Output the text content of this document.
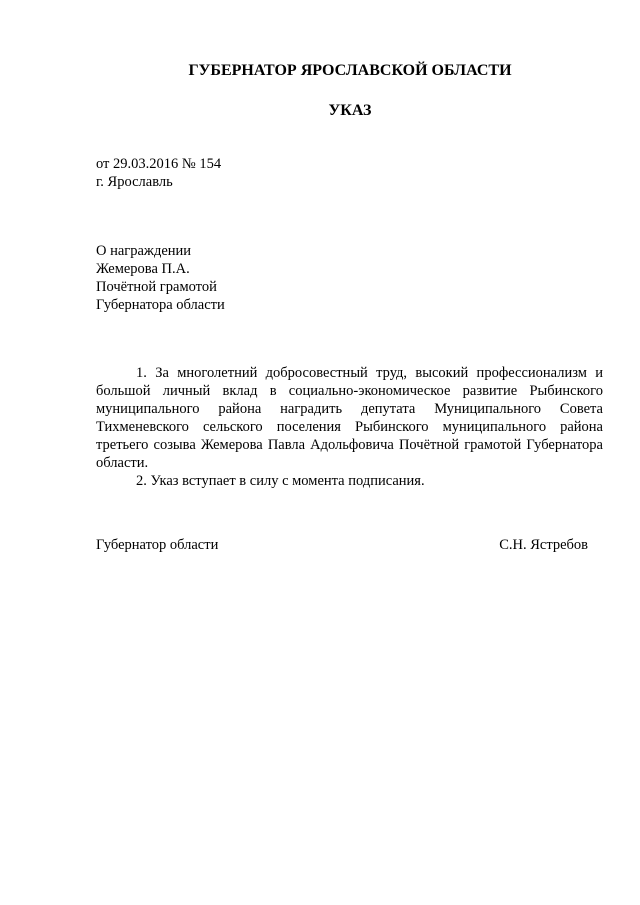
ГУБЕРНАТОР ЯРОСЛАВСКОЙ ОБЛАСТИ
УКАЗ
от 29.03.2016 № 154
г. Ярославль
О награждении
Жемерова П.А.
Почётной грамотой
Губернатора области

1. За многолетний добросовестный труд, высокий профессионализм и большой личный вклад в социально-экономическое развитие Рыбинского муниципального района наградить депутата Муниципального Совета Тихменевского сельского поселения Рыбинского муниципального района третьего созыва Жемерова Павла Адольфовича Почётной грамотой Губернатора области.

2. Указ вступает в силу с момента подписания.

Губернатор области	С.Н. Ястребов
